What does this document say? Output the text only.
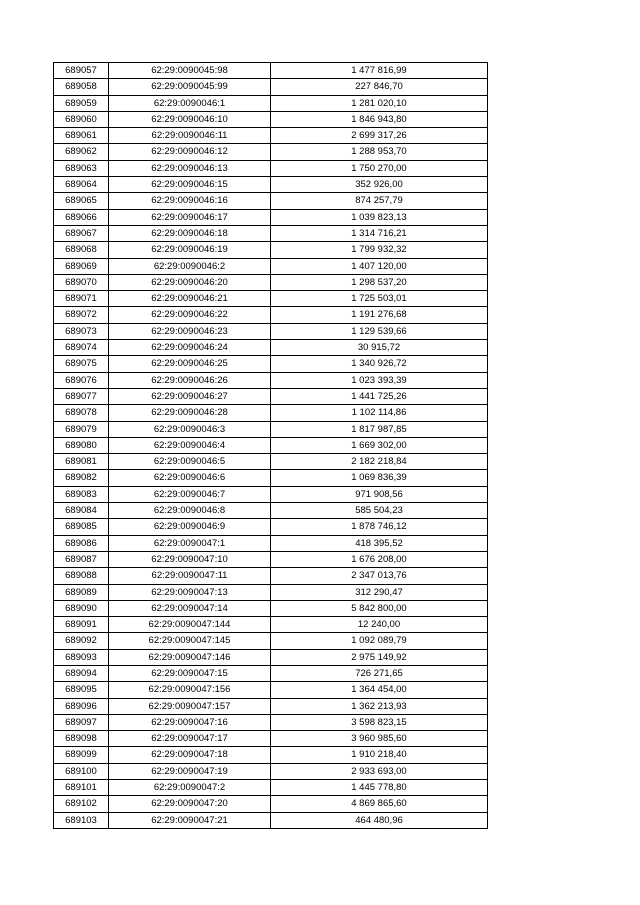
689057	62:29:0090045:98	1 477 816,99
689058	62:29:0090045:99	227 846,70
689059	62:29:0090046:1	1 281 020,10
689060	62:29:0090046:10	1 846 943,80
689061	62:29:0090046:11	2 699 317,26
689062	62:29:0090046:12	1 288 953,70
689063	62:29:0090046:13	1 750 270,00
689064	62:29:0090046:15	352 926,00
689065	62:29:0090046:16	874 257,79
689066	62:29:0090046:17	1 039 823,13
689067	62:29:0090046:18	1 314 716,21
689068	62:29:0090046:19	1 799 932,32
689069	62:29:0090046:2	1 407 120,00
689070	62:29:0090046:20	1 298 537,20
689071	62:29:0090046:21	1 725 503,01
689072	62:29:0090046:22	1 191 276,68
689073	62:29:0090046:23	1 129 539,66
689074	62:29:0090046:24	30 915,72
689075	62:29:0090046:25	1 340 926,72
689076	62:29:0090046:26	1 023 393,39
689077	62:29:0090046:27	1 441 725,26
689078	62:29:0090046:28	1 102 114,86
689079	62:29:0090046:3	1 817 987,85
689080	62:29:0090046:4	1 669 302,00
689081	62:29:0090046:5	2 182 218,84
689082	62:29:0090046:6	1 069 836,39
689083	62:29:0090046:7	971 908,56
689084	62:29:0090046:8	585 504,23
689085	62:29:0090046:9	1 878 746,12
689086	62:29:0090047:1	418 395,52
689087	62:29:0090047:10	1 676 208,00
689088	62:29:0090047:11	2 347 013,76
689089	62:29:0090047:13	312 290,47
689090	62:29:0090047:14	5 842 800,00
689091	62:29:0090047:144	12 240,00
689092	62:29:0090047:145	1 092 089,79
689093	62:29:0090047:146	2 975 149,92
689094	62:29:0090047:15	726 271,65
689095	62:29:0090047:156	1 364 454,00
689096	62:29:0090047:157	1 362 213,93
689097	62:29:0090047:16	3 598 823,15
689098	62:29:0090047:17	3 960 985,60
689099	62:29:0090047:18	1 910 218,40
689100	62:29:0090047:19	2 933 693,00
689101	62:29:0090047:2	1 445 778,80
689102	62:29:0090047:20	4 869 865,60
689103	62:29:0090047:21	464 480,96
